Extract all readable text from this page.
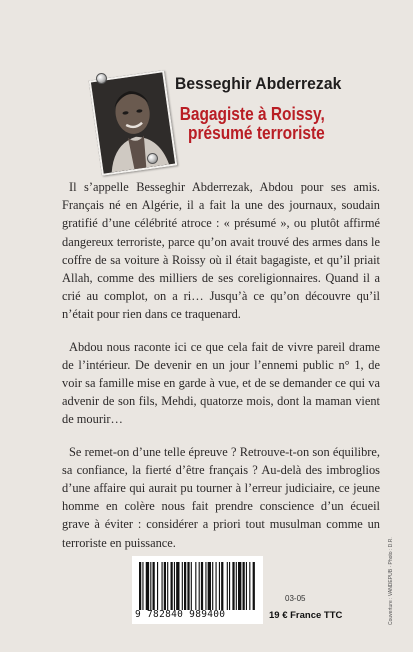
Besseghir Abderrezak
Bagagiste à Roissy,
présumé terroriste

Il s’appelle Besseghir Abderrezak, Abdou pour ses amis. Français né en Algérie, il a fait la une des journaux, soudain gratifié d’une célébrité atroce : « présumé », ou plutôt affirmé dangereux terroriste, parce qu’on avait trouvé des armes dans le coffre de sa voiture à Roissy où il était bagagiste, et qu’il priait Allah, comme des milliers de ses coreligionnaires. Quand il a crié au complot, on a ri… Jusqu’à ce qu’on découvre qu’il n’était pour rien dans ce traquenard.

Abdou nous raconte ici ce que cela fait de vivre pareil drame de l’intérieur. De devenir en un jour l’ennemi public n° 1, de voir sa famille mise en garde à vue, et de se demander ce qui va advenir de son fils, Mehdi, quatorze mois, dont la maman vient de mourir…

Se remet-on d’une telle épreuve ? Retrouve-t-on son équilibre, sa confiance, la fierté d’être français ? Au-delà des imbroglios d’une affaire qui aurait pu tourner à l’erreur judiciaire, ce jeune homme en colère nous fait prendre conscience d’un écueil grave à éviter : considérer a priori tout musulman comme un terroriste en puissance.	Couverture : VANDEPUB · Photo : D.R.
9 782840 989400
03-05
19 € France TTC
